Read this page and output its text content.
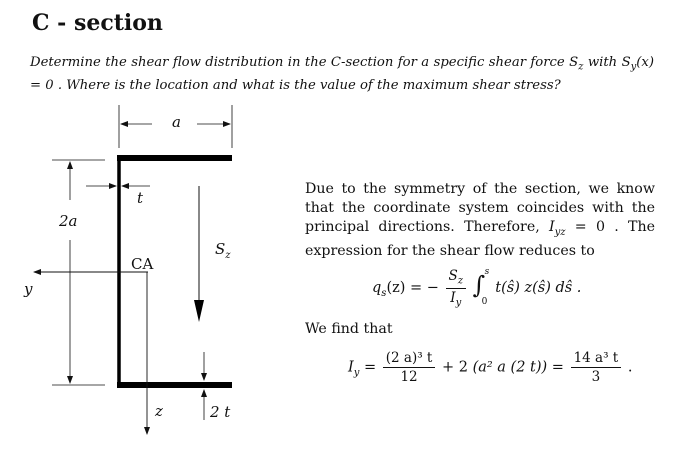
C - section
Determine the shear flow distribution in the C-section for a specific shear force $S_z$ with $S_y(x) = 0$ . Where is the location and what is the value of the maximum shear stress?
a
2a
t
2 t
CA
y
z
$S_z$
Due to the symmetry of the section, we know that the coordinate system coincides with the principal directions. Therefore, $I_{yz} = 0$ . The expression for the shear flow reduces to
$q_s(z)$ = − $\frac{S_z}{I_y}$
∫ s
0
t(ŝ) z(ŝ) dŝ .
We find that
$I_y = \frac{\text{(2 a)³ t}}{12} + 2$ (a² a (2 $t)) = \frac{\text{14 a³ t}}{3}$ .
